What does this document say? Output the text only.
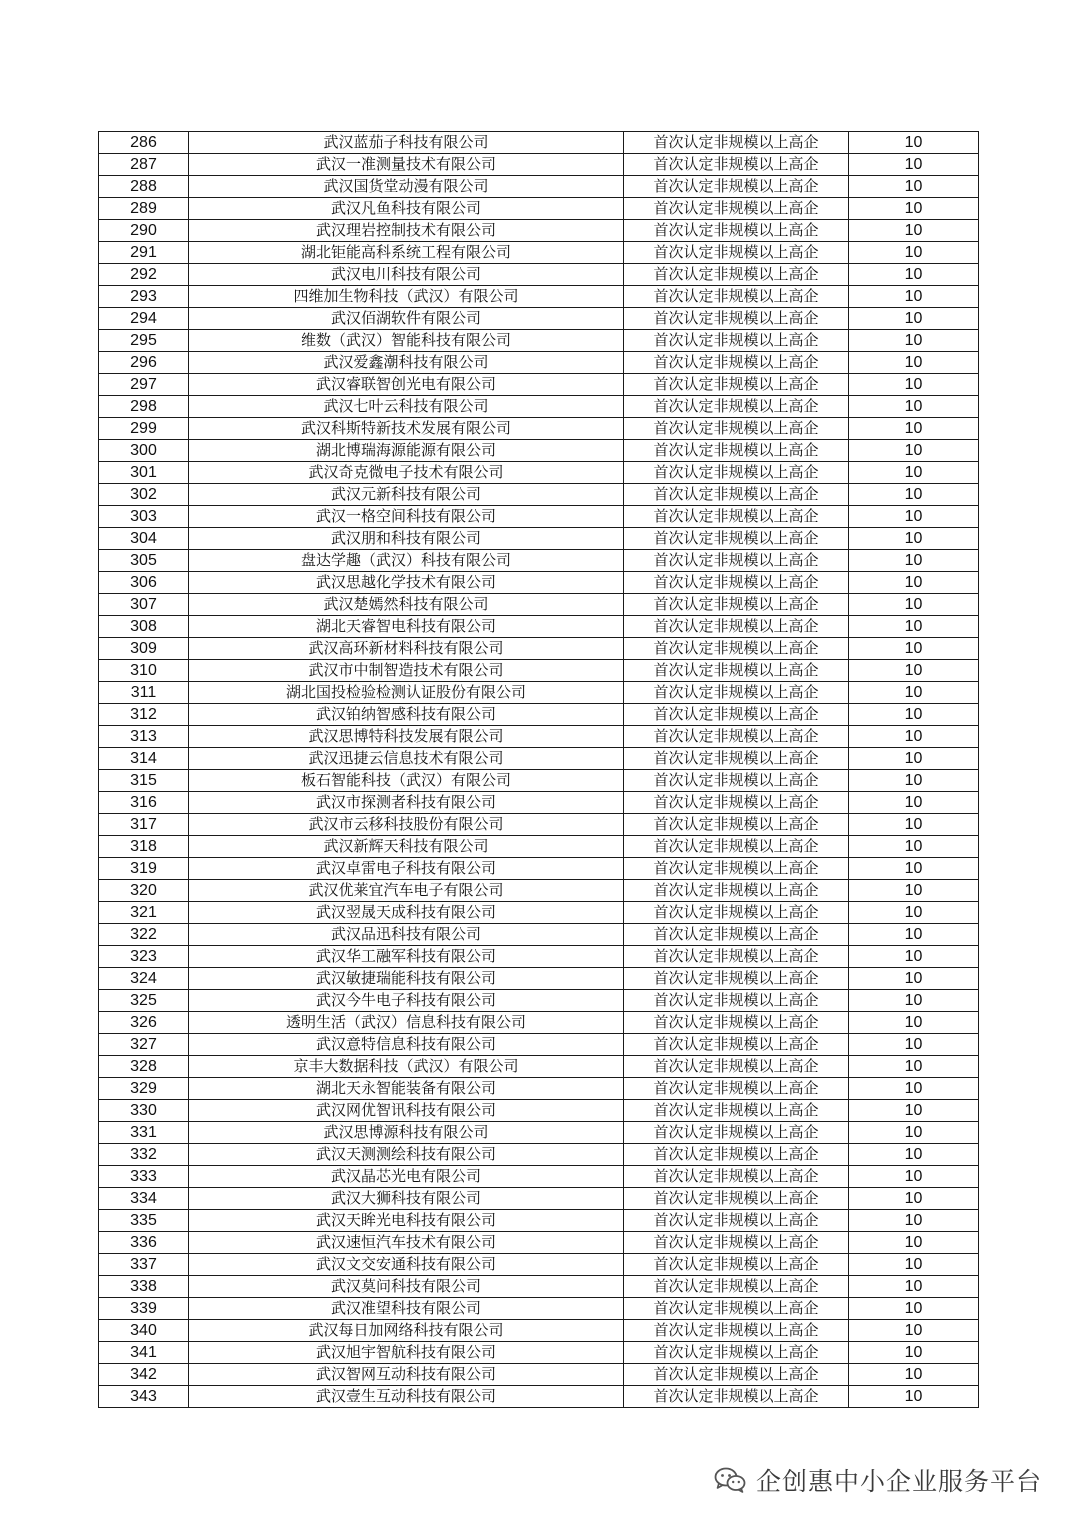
286	武汉蓝茄子科技有限公司	首次认定非规模以上高企	10
287	武汉一准测量技术有限公司	首次认定非规模以上高企	10
288	武汉国货堂动漫有限公司	首次认定非规模以上高企	10
289	武汉凡鱼科技有限公司	首次认定非规模以上高企	10
290	武汉理岩控制技术有限公司	首次认定非规模以上高企	10
291	湖北钜能高科系统工程有限公司	首次认定非规模以上高企	10
292	武汉电川科技有限公司	首次认定非规模以上高企	10
293	四维加生物科技（武汉）有限公司	首次认定非规模以上高企	10
294	武汉佰湖软件有限公司	首次认定非规模以上高企	10
295	维数（武汉）智能科技有限公司	首次认定非规模以上高企	10
296	武汉爱鑫潮科技有限公司	首次认定非规模以上高企	10
297	武汉睿联智创光电有限公司	首次认定非规模以上高企	10
298	武汉七叶云科技有限公司	首次认定非规模以上高企	10
299	武汉科斯特新技术发展有限公司	首次认定非规模以上高企	10
300	湖北博瑞海源能源有限公司	首次认定非规模以上高企	10
301	武汉奇克微电子技术有限公司	首次认定非规模以上高企	10
302	武汉元新科技有限公司	首次认定非规模以上高企	10
303	武汉一格空间科技有限公司	首次认定非规模以上高企	10
304	武汉朋和科技有限公司	首次认定非规模以上高企	10
305	盘达学趣（武汉）科技有限公司	首次认定非规模以上高企	10
306	武汉思越化学技术有限公司	首次认定非规模以上高企	10
307	武汉楚嫣然科技有限公司	首次认定非规模以上高企	10
308	湖北天睿智电科技有限公司	首次认定非规模以上高企	10
309	武汉高环新材料科技有限公司	首次认定非规模以上高企	10
310	武汉市中制智造技术有限公司	首次认定非规模以上高企	10
311	湖北国投检验检测认证股份有限公司	首次认定非规模以上高企	10
312	武汉铂纳智感科技有限公司	首次认定非规模以上高企	10
313	武汉思博特科技发展有限公司	首次认定非规模以上高企	10
314	武汉迅捷云信息技术有限公司	首次认定非规模以上高企	10
315	板石智能科技（武汉）有限公司	首次认定非规模以上高企	10
316	武汉市探测者科技有限公司	首次认定非规模以上高企	10
317	武汉市云移科技股份有限公司	首次认定非规模以上高企	10
318	武汉新辉天科技有限公司	首次认定非规模以上高企	10
319	武汉卓雷电子科技有限公司	首次认定非规模以上高企	10
320	武汉优莱宜汽车电子有限公司	首次认定非规模以上高企	10
321	武汉翌晟天成科技有限公司	首次认定非规模以上高企	10
322	武汉品迅科技有限公司	首次认定非规模以上高企	10
323	武汉华工融军科技有限公司	首次认定非规模以上高企	10
324	武汉敏捷瑞能科技有限公司	首次认定非规模以上高企	10
325	武汉今牛电子科技有限公司	首次认定非规模以上高企	10
326	透明生活（武汉）信息科技有限公司	首次认定非规模以上高企	10
327	武汉意特信息科技有限公司	首次认定非规模以上高企	10
328	京丰大数据科技（武汉）有限公司	首次认定非规模以上高企	10
329	湖北天永智能装备有限公司	首次认定非规模以上高企	10
330	武汉网优智讯科技有限公司	首次认定非规模以上高企	10
331	武汉思博源科技有限公司	首次认定非规模以上高企	10
332	武汉天测测绘科技有限公司	首次认定非规模以上高企	10
333	武汉晶芯光电有限公司	首次认定非规模以上高企	10
334	武汉大狮科技有限公司	首次认定非规模以上高企	10
335	武汉天眸光电科技有限公司	首次认定非规模以上高企	10
336	武汉速恒汽车技术有限公司	首次认定非规模以上高企	10
337	武汉文交安通科技有限公司	首次认定非规模以上高企	10
338	武汉莫问科技有限公司	首次认定非规模以上高企	10
339	武汉准望科技有限公司	首次认定非规模以上高企	10
340	武汉每日加网络科技有限公司	首次认定非规模以上高企	10
341	武汉旭宇智航科技有限公司	首次认定非规模以上高企	10
342	武汉智网互动科技有限公司	首次认定非规模以上高企	10
343	武汉壹生互动科技有限公司	首次认定非规模以上高企	10
企创惠中小企业服务平台
